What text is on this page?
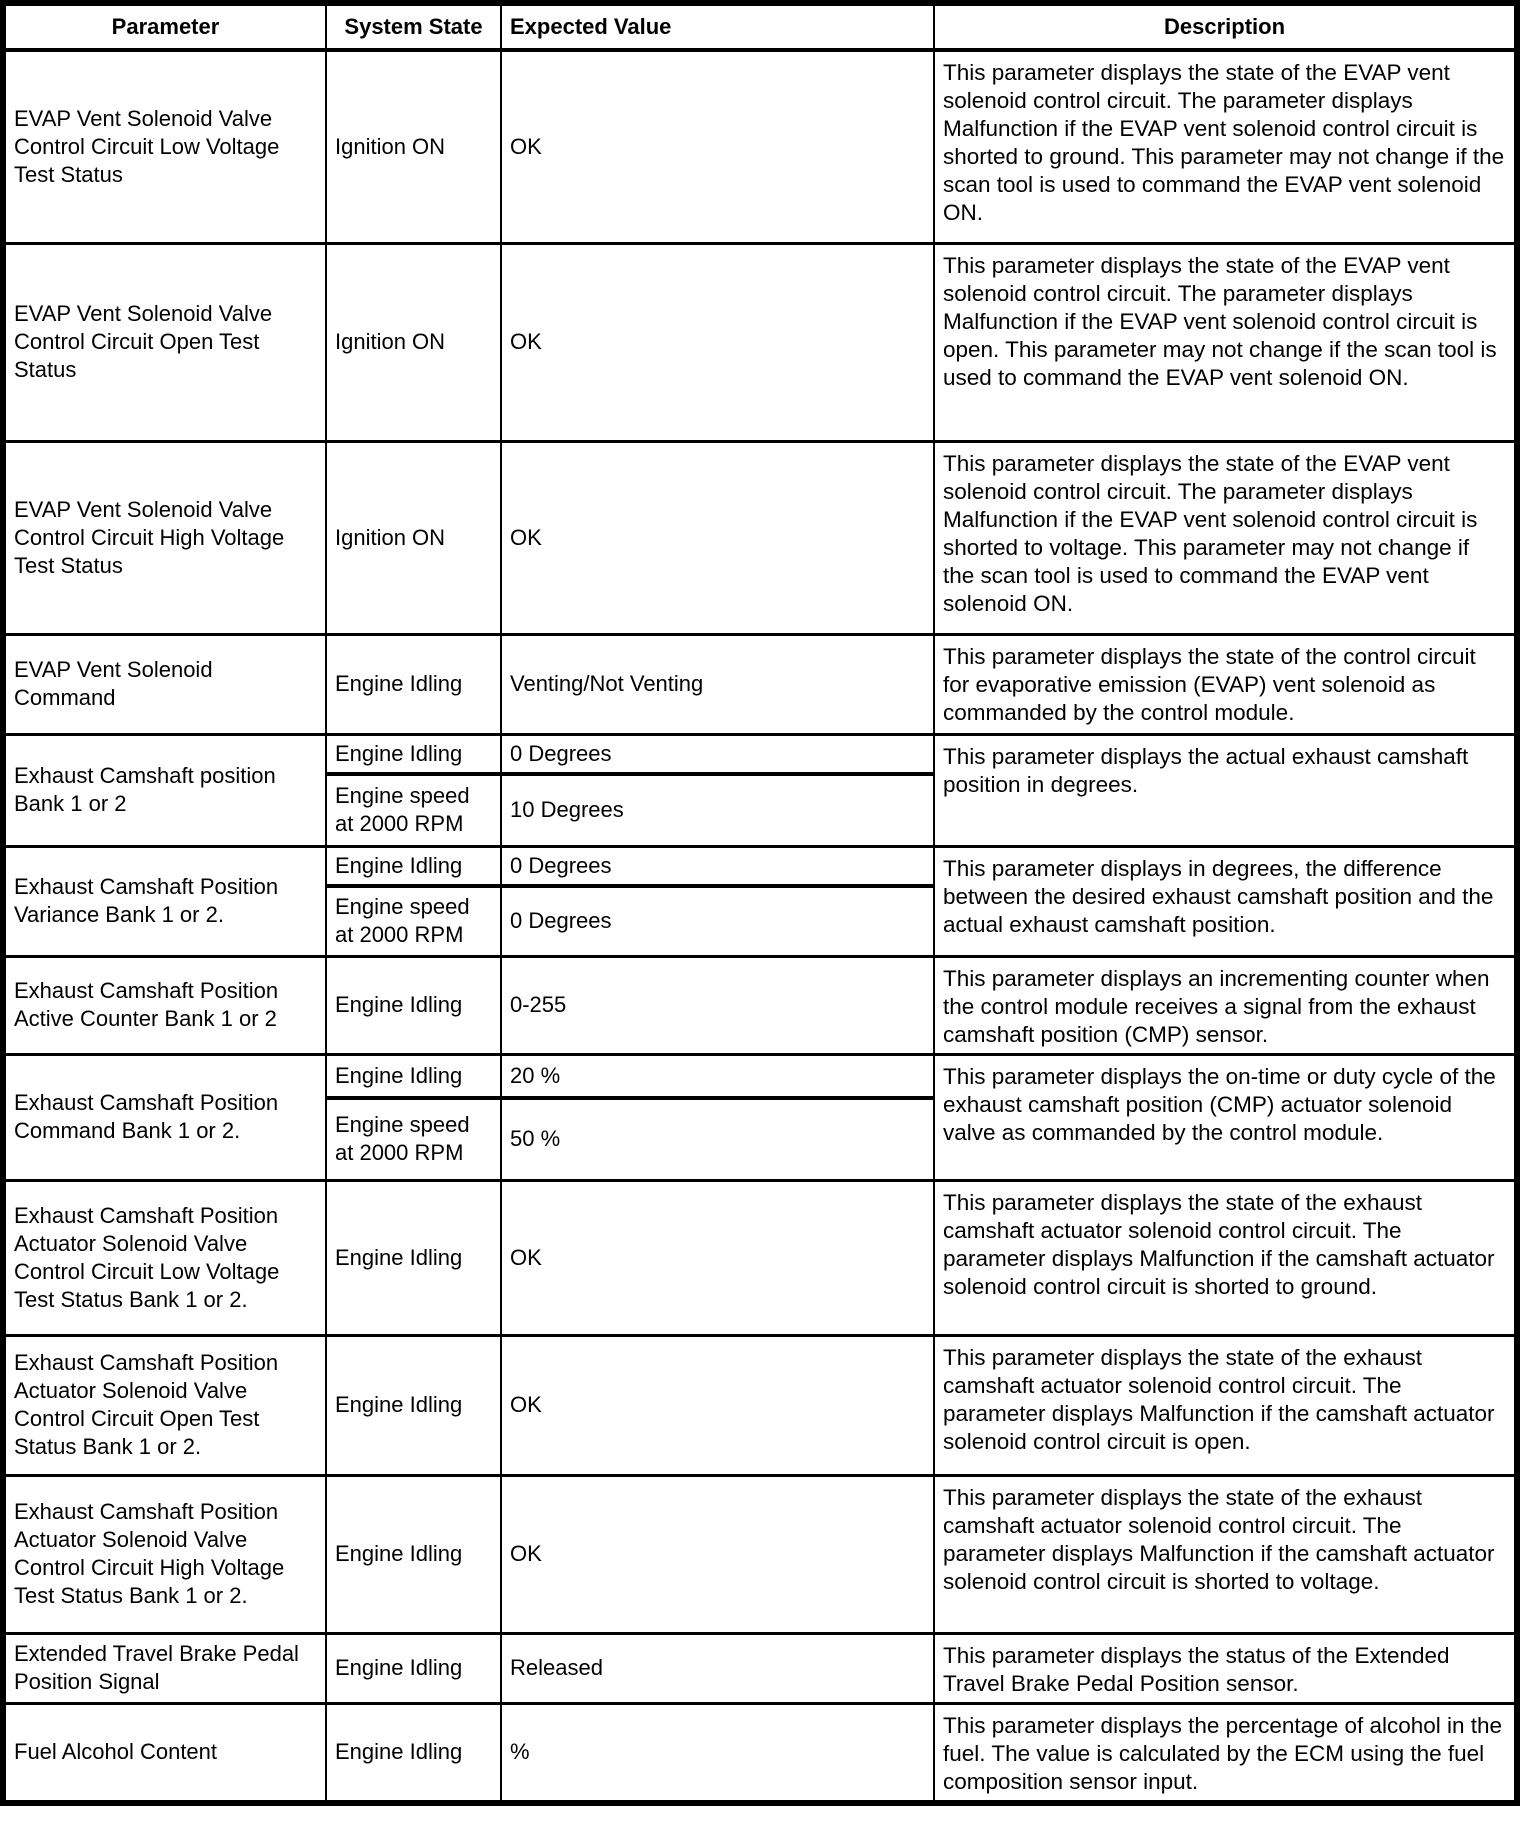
Parameter	System State	Expected Value	Description
EVAP Vent Solenoid Valve Control Circuit Low Voltage Test Status	Ignition ON	OK	This parameter displays the state of the EVAP vent solenoid control circuit. The parameter displays Malfunction if the EVAP vent solenoid control circuit is shorted to ground. This parameter may not change if the scan tool is used to command the EVAP vent solenoid ON.
EVAP Vent Solenoid Valve Control Circuit Open Test Status	Ignition ON	OK	This parameter displays the state of the EVAP vent solenoid control circuit. The parameter displays Malfunction if the EVAP vent solenoid control circuit is open. This parameter may not change if the scan tool is used to command the EVAP vent solenoid ON.
EVAP Vent Solenoid Valve Control Circuit High Voltage Test Status	Ignition ON	OK	This parameter displays the state of the EVAP vent solenoid control circuit. The parameter displays Malfunction if the EVAP vent solenoid control circuit is shorted to voltage. This parameter may not change if the scan tool is used to command the EVAP vent solenoid ON.
EVAP Vent Solenoid Command	Engine Idling	Venting/Not Venting	This parameter displays the state of the control circuit for evaporative emission (EVAP) vent solenoid as commanded by the control module.
Exhaust Camshaft position Bank 1 or 2	Engine Idling	0 Degrees	This parameter displays the actual exhaust camshaft position in degrees.
	Engine speed at 2000 RPM	10 Degrees	
Exhaust Camshaft Position Variance Bank 1 or 2.	Engine Idling	0 Degrees	This parameter displays in degrees, the difference between the desired exhaust camshaft position and the actual exhaust camshaft position.
	Engine speed at 2000 RPM	0 Degrees	
Exhaust Camshaft Position Active Counter Bank 1 or 2	Engine Idling	0-255	This parameter displays an incrementing counter when the control module receives a signal from the exhaust camshaft position (CMP) sensor.
Exhaust Camshaft Position Command Bank 1 or 2.	Engine Idling	20 %	This parameter displays the on-time or duty cycle of the exhaust camshaft position (CMP) actuator solenoid valve as commanded by the control module.
	Engine speed at 2000 RPM	50 %	
Exhaust Camshaft Position Actuator Solenoid Valve Control Circuit Low Voltage Test Status Bank 1 or 2.	Engine Idling	OK	This parameter displays the state of the exhaust camshaft actuator solenoid control circuit. The parameter displays Malfunction if the camshaft actuator solenoid control circuit is shorted to ground.
Exhaust Camshaft Position Actuator Solenoid Valve Control Circuit Open Test Status Bank 1 or 2.	Engine Idling	OK	This parameter displays the state of the exhaust camshaft actuator solenoid control circuit. The parameter displays Malfunction if the camshaft actuator solenoid control circuit is open.
Exhaust Camshaft Position Actuator Solenoid Valve Control Circuit High Voltage Test Status Bank 1 or 2.	Engine Idling	OK	This parameter displays the state of the exhaust camshaft actuator solenoid control circuit. The parameter displays Malfunction if the camshaft actuator solenoid control circuit is shorted to voltage.
Extended Travel Brake Pedal Position Signal	Engine Idling	Released	This parameter displays the status of the Extended Travel Brake Pedal Position sensor.
Fuel Alcohol Content	Engine Idling	%	This parameter displays the percentage of alcohol in the fuel. The value is calculated by the ECM using the fuel composition sensor input.
